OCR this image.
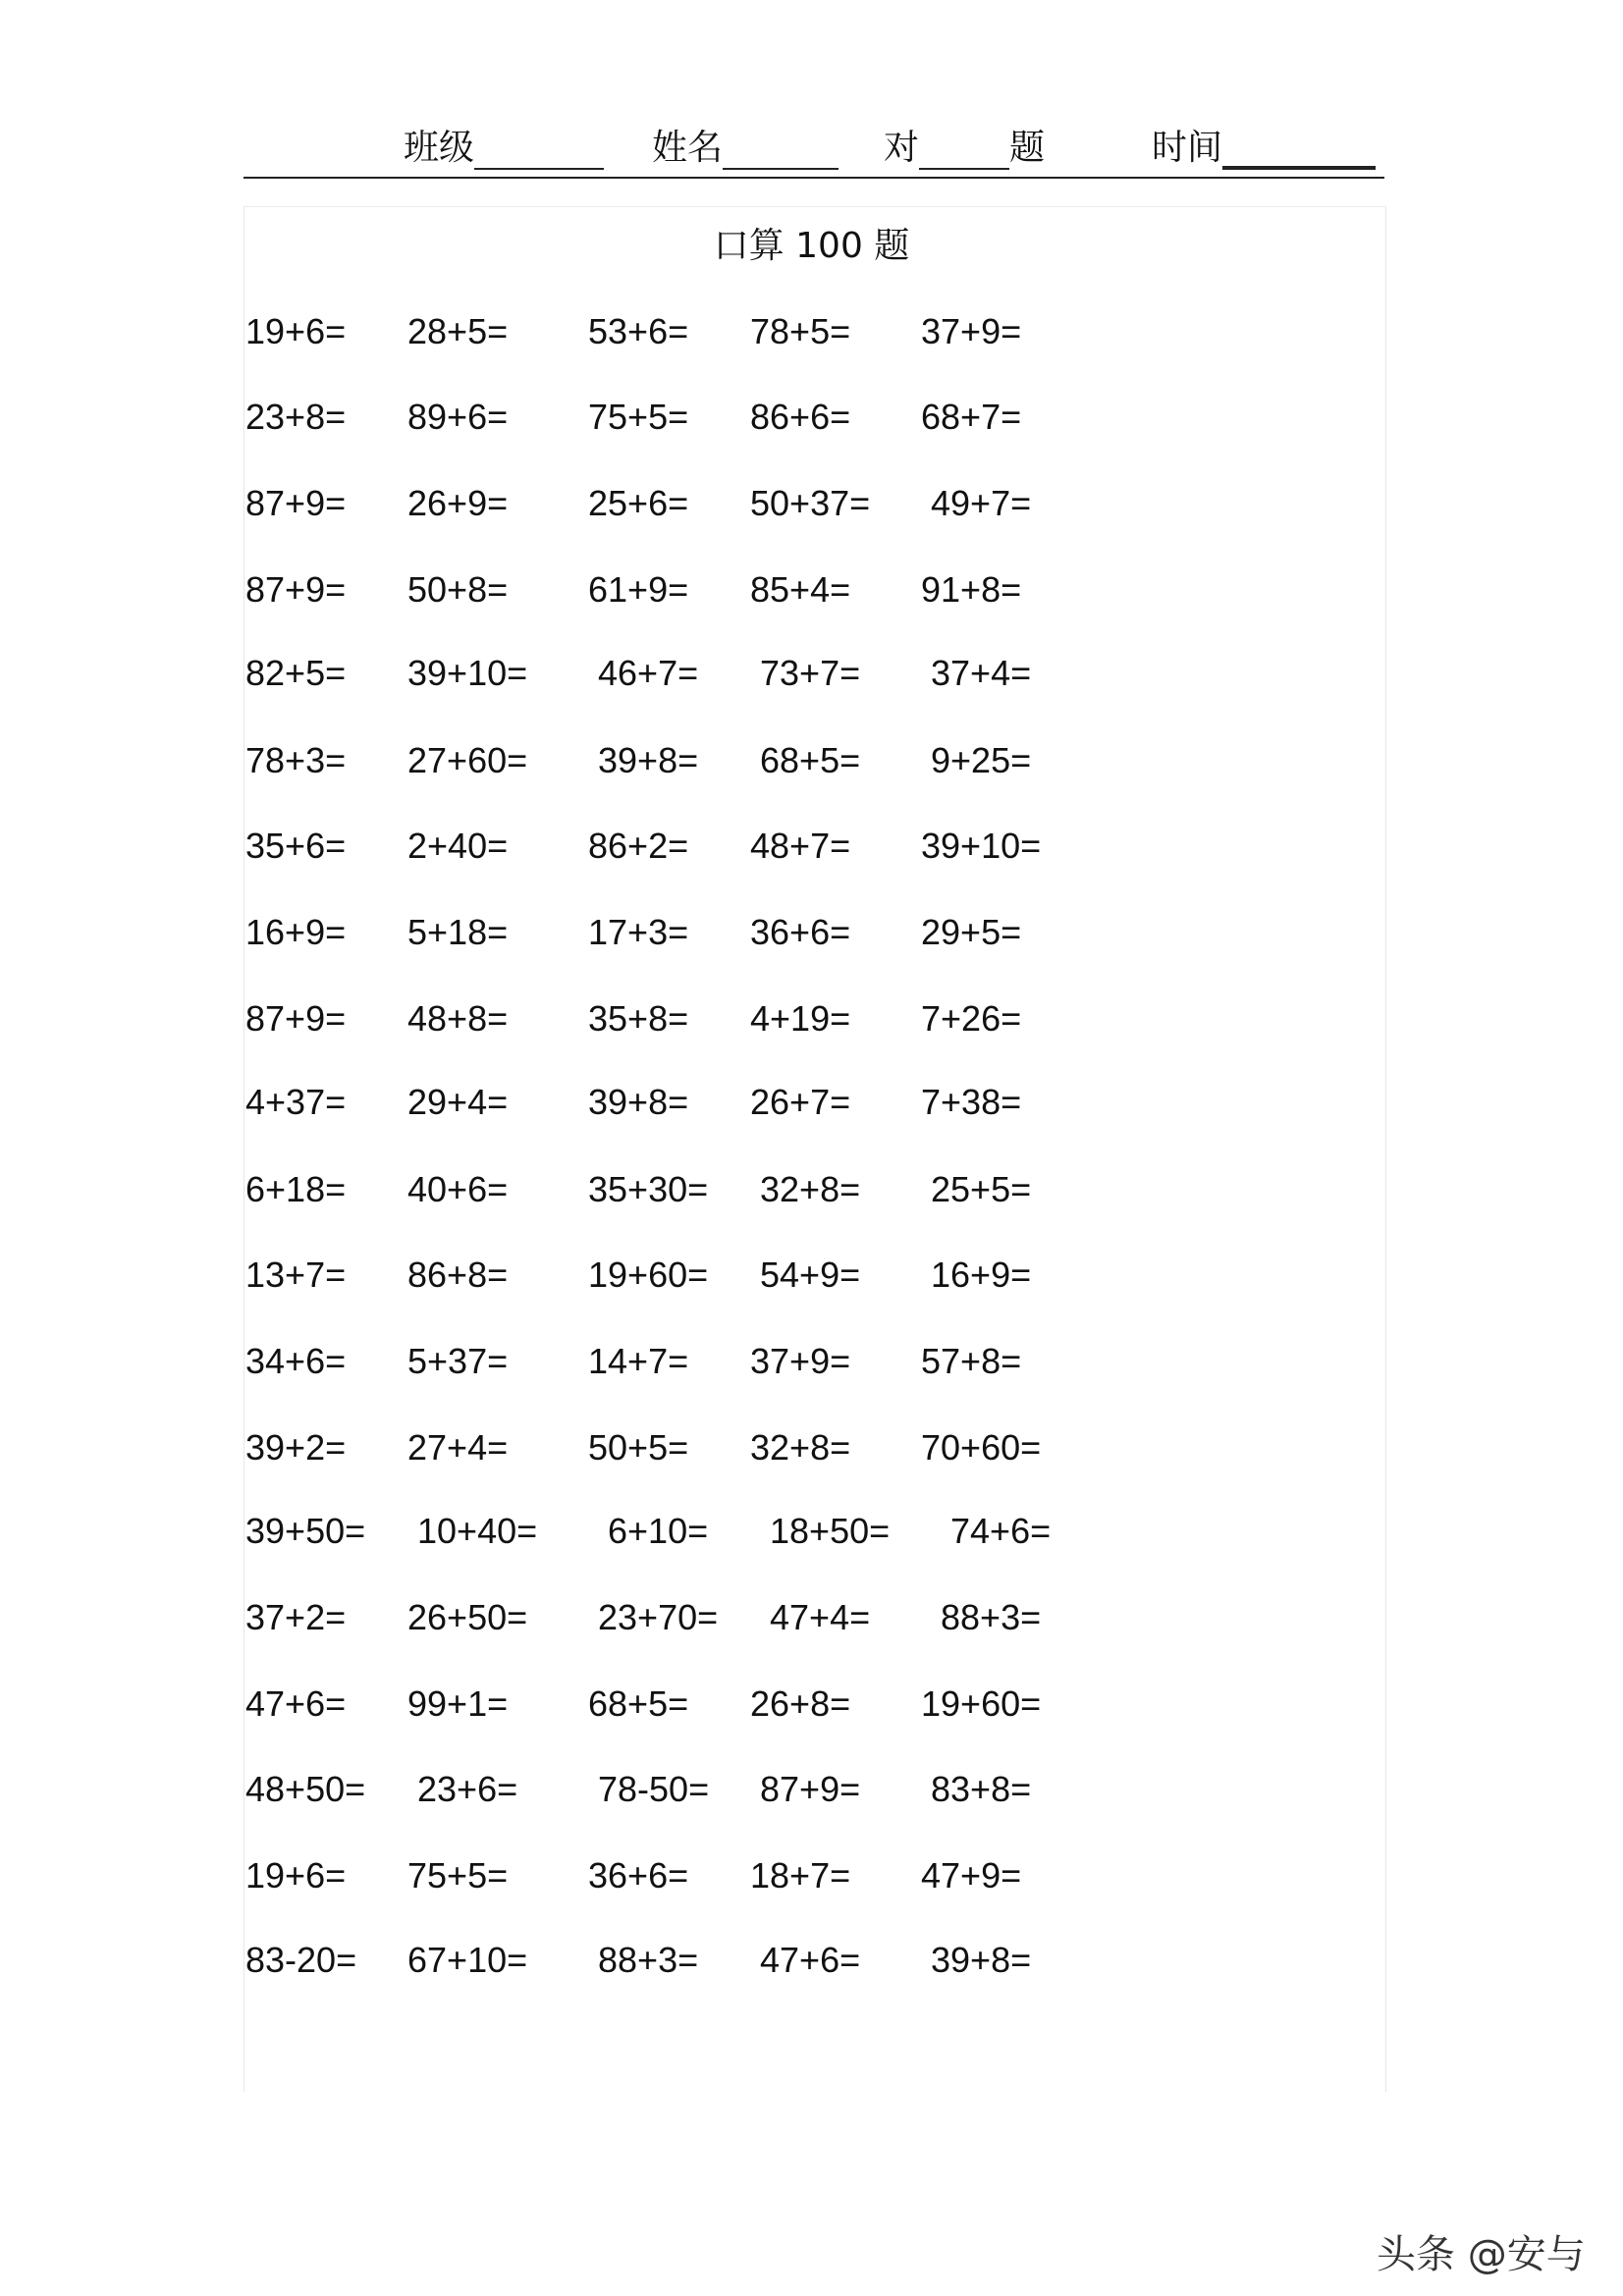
班级	姓名	对	题	时间
口算 100 题
19+6= 28+5= 53+6= 78+5= 37+9=
23+8= 89+6= 75+5= 86+6= 68+7=
87+9= 26+9= 25+6= 50+37= 49+7=
87+9= 50+8= 61+9= 85+4= 91+8=
82+5= 39+10= 46+7= 73+7= 37+4=
78+3= 27+60= 39+8= 68+5= 9+25=
35+6= 2+40= 86+2= 48+7= 39+10=
16+9= 5+18= 17+3= 36+6= 29+5=
87+9= 48+8= 35+8= 4+19= 7+26=
4+37= 29+4= 39+8= 26+7= 7+38=
6+18= 40+6= 35+30= 32+8= 25+5=
13+7= 86+8= 19+60= 54+9= 16+9=
34+6= 5+37= 14+7= 37+9= 57+8=
39+2= 27+4= 50+5= 32+8= 70+60=
39+50= 10+40= 6+10= 18+50= 74+6=
37+2= 26+50= 23+70= 47+4= 88+3=
47+6= 99+1= 68+5= 26+8= 19+60=
48+50= 23+6= 78-50= 87+9= 83+8=
19+6= 75+5= 36+6= 18+7= 47+9=
83-20= 67+10= 88+3= 47+6= 39+8=
头条 @安与
